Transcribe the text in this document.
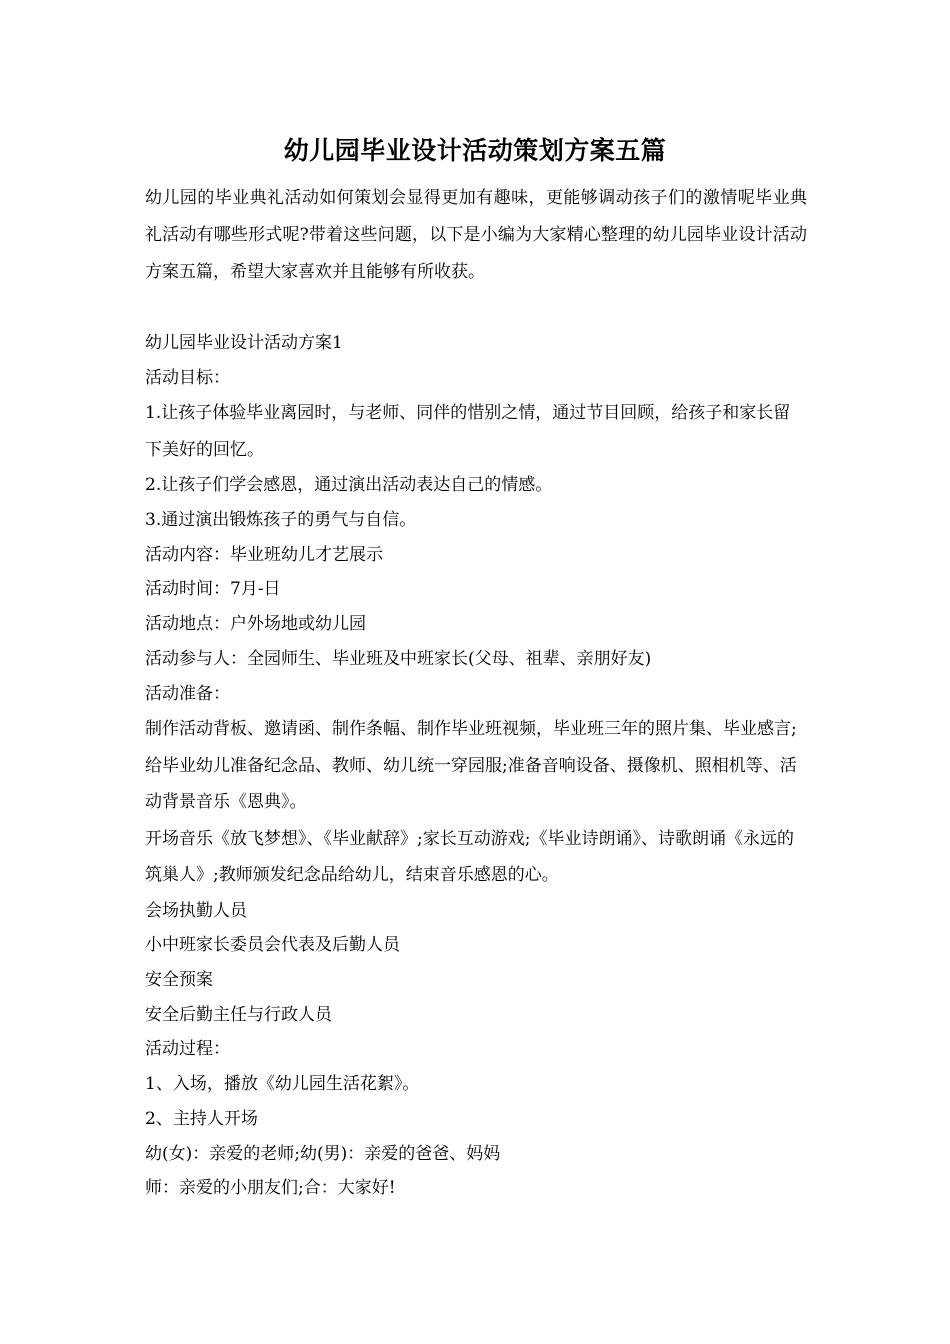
幼儿园毕业设计活动策划方案五篇
幼儿园的毕业典礼活动如何策划会显得更加有趣味，更能够调动孩子们的激情呢毕业典礼活动有哪些形式呢?带着这些问题，以下是小编为大家精心整理的幼儿园毕业设计活动方案五篇，希望大家喜欢并且能够有所收获。
幼儿园毕业设计活动方案1
活动目标：
1.让孩子体验毕业离园时，与老师、同伴的惜别之情，通过节目回顾，给孩子和家长留下美好的回忆。
2.让孩子们学会感恩，通过演出活动表达自己的情感。
3.通过演出锻炼孩子的勇气与自信。
活动内容：毕业班幼儿才艺展示
活动时间：7月-日
活动地点：户外场地或幼儿园
活动参与人：全园师生、毕业班及中班家长(父母、祖辈、亲朋好友)
活动准备：
制作活动背板、邀请函、制作条幅、制作毕业班视频，毕业班三年的照片集、毕业感言;给毕业幼儿准备纪念品、教师、幼儿统一穿园服;准备音响设备、摄像机、照相机等、活动背景音乐《恩典》。
开场音乐《放飞梦想》、《毕业献辞》;家长互动游戏;《毕业诗朗诵》、诗歌朗诵《永远的筑巢人》;教师颁发纪念品给幼儿，结束音乐感恩的心。
会场执勤人员
小中班家长委员会代表及后勤人员
安全预案
安全后勤主任与行政人员
活动过程：
1、入场，播放《幼儿园生活花絮》。
2、主持人开场
幼(女)：亲爱的老师;幼(男)：亲爱的爸爸、妈妈
师：亲爱的小朋友们;合：大家好!
